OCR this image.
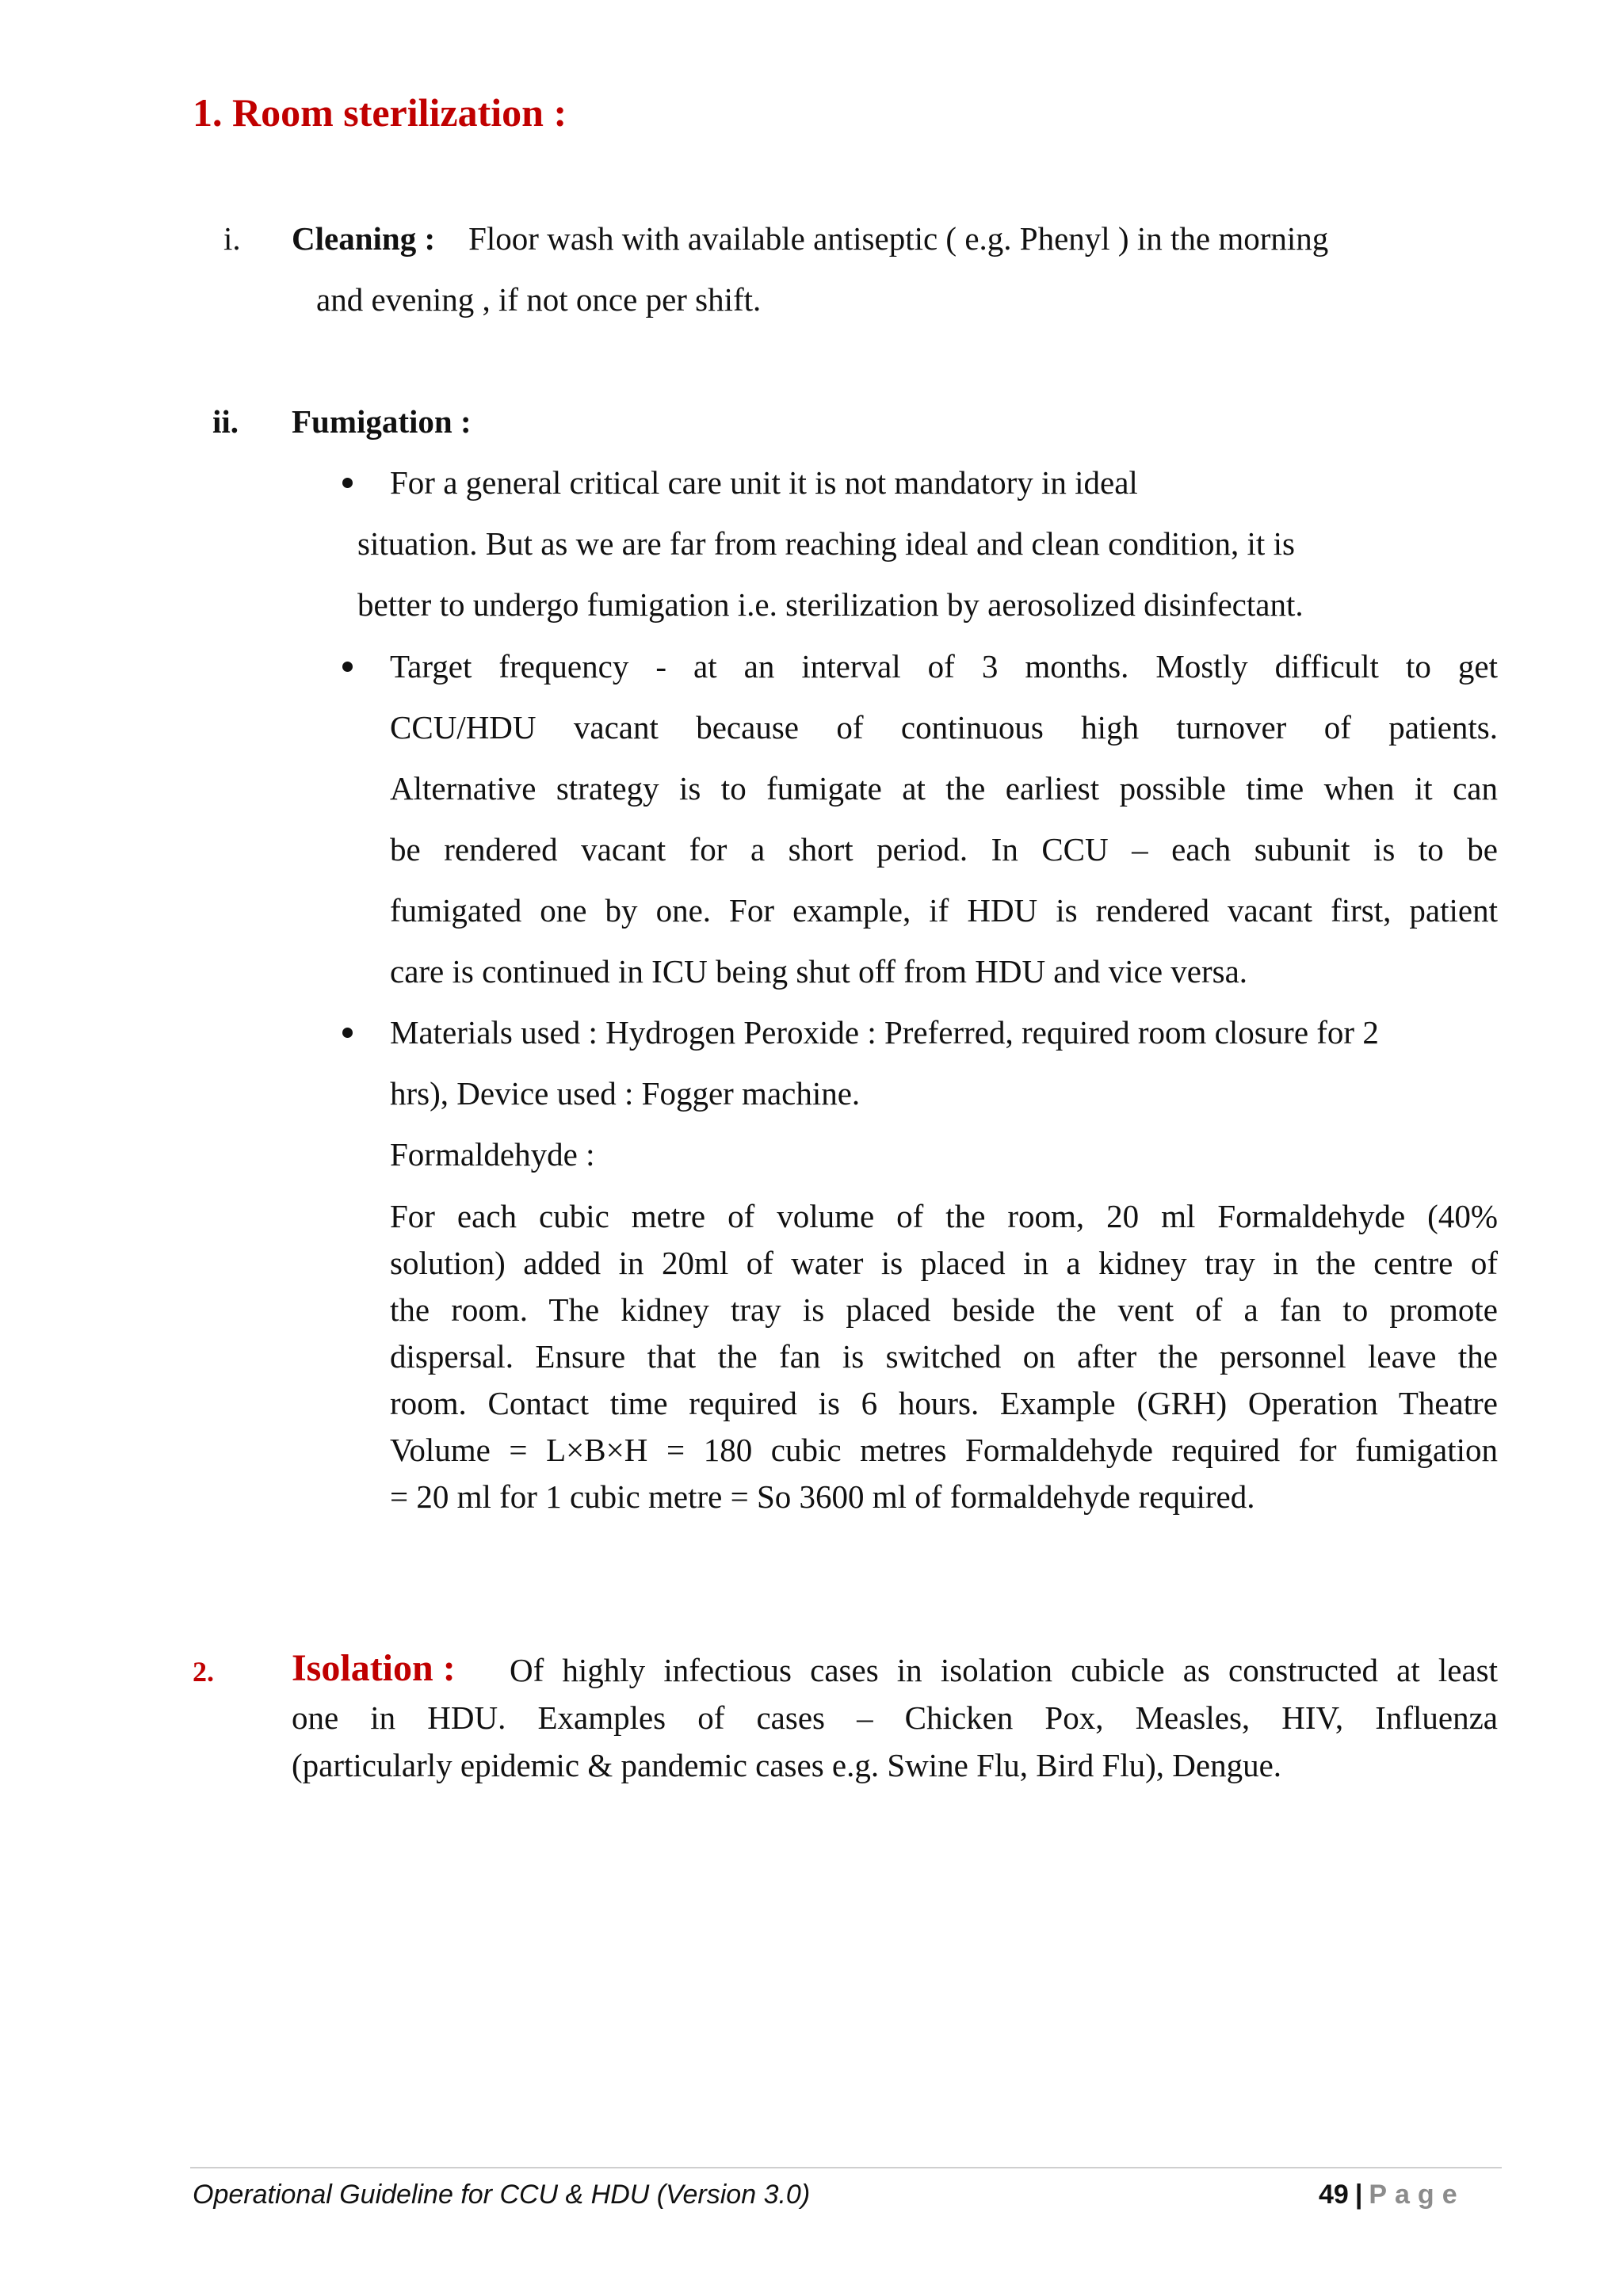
1. Room sterilization :
i. Cleaning : Floor wash with available antiseptic ( e.g. Phenyl ) in the morning
and evening , if not once per shift.
ii. Fumigation :
For a general critical care unit it is not mandatory in ideal
situation. But as we are far from reaching ideal and clean condition, it is
better to undergo fumigation i.e. sterilization by aerosolized disinfectant.
Target frequency - at an interval of 3 months. Mostly difficult to get
CCU/HDU vacant because of continuous high turnover of patients.
Alternative strategy is to fumigate at the earliest possible time when it can
be rendered vacant for a short period. In CCU – each subunit is to be
fumigated one by one. For example, if HDU is rendered vacant first, patient
care is continued in ICU being shut off from HDU and vice versa.
Materials used : Hydrogen Peroxide : Preferred, required room closure for 2
hrs), Device used : Fogger machine.
Formaldehyde :
For each cubic metre of volume of the room, 20 ml Formaldehyde (40%
solution) added in 20ml of water is placed in a kidney tray in the centre of
the room. The kidney tray is placed beside the vent of a fan to promote
dispersal. Ensure that the fan is switched on after the personnel leave the
room. Contact time required is 6 hours. Example (GRH) Operation Theatre
Volume = L×B×H = 180 cubic metres Formaldehyde required for fumigation
= 20 ml for 1 cubic metre = So 3600 ml of formaldehyde required.
2. Isolation :	Of highly infectious cases in isolation cubicle as constructed at least
one in HDU. Examples of cases – Chicken Pox, Measles, HIV, Influenza
(particularly epidemic & pandemic cases e.g. Swine Flu, Bird Flu), Dengue.
Operational Guideline for CCU & HDU (Version 3.0)	49 | Page
